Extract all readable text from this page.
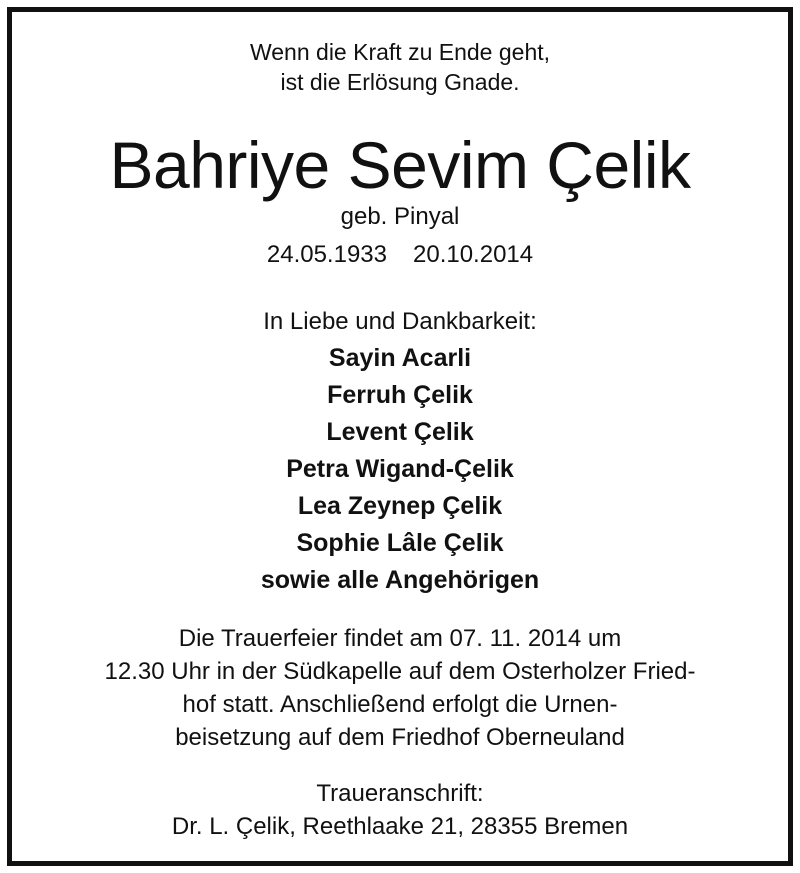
Wenn die Kraft zu Ende geht,
ist die Erlösung Gnade.
Bahriye Sevim Çelik
geb. Pinyal
24.05.1933 20.10.2014
In Liebe und Dankbarkeit:
Sayin Acarli
Ferruh Çelik
Levent Çelik
Petra Wigand-Çelik
Lea Zeynep Çelik
Sophie Lâle Çelik
sowie alle Angehörigen
Die Trauerfeier findet am 07. 11. 2014 um
12.30 Uhr in der Südkapelle auf dem Osterholzer Fried-
hof statt. Anschließend erfolgt die Urnen-
beisetzung auf dem Friedhof Oberneuland
Traueranschrift:
Dr. L. Çelik, Reethlaake 21, 28355 Bremen
